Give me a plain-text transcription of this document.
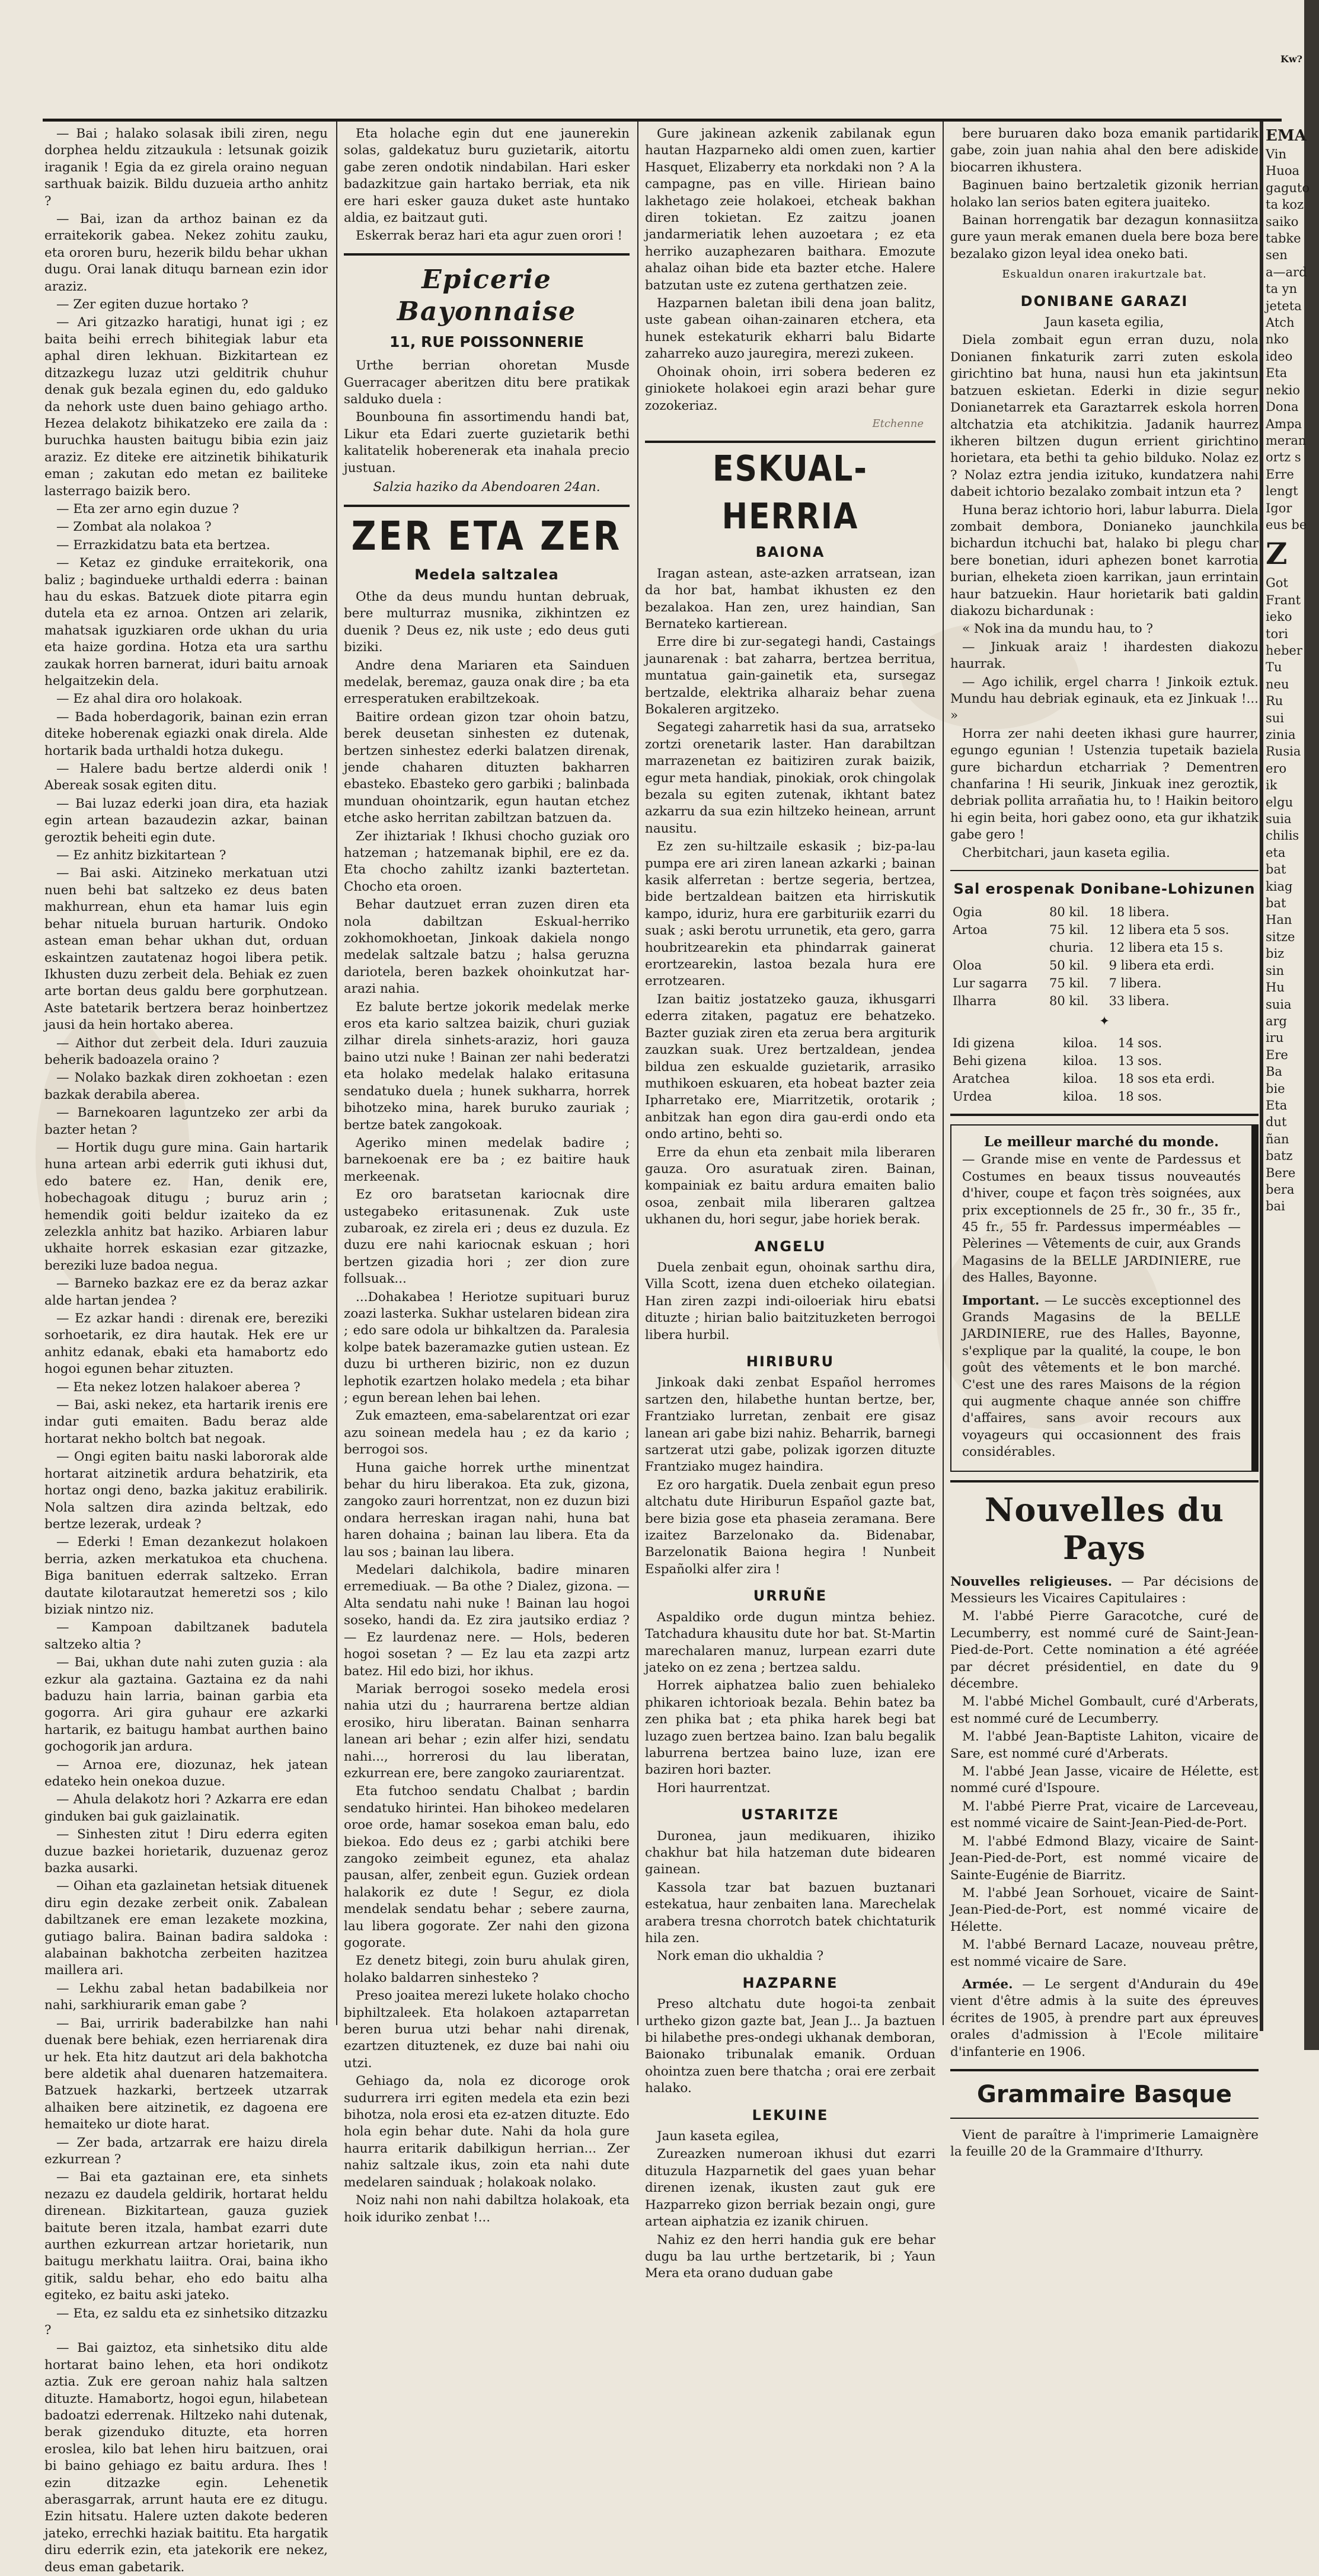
Kw?

— Bai ; halako solasak ibili ziren, negu dorphea heldu zitzaukula : letsunak goizik iraganik ! Egia da ez girela oraino neguan sarthuak baizik. Bildu duzueia artho anhitz ?

— Bai, izan da arthoz bainan ez da erraitekorik gabea. Nekez zohitu zauku, eta ororen buru, hezerik bildu behar ukhan dugu. Orai lanak dituqu barnean ezin idor araziz.

— Zer egiten duzue hortako ?

— Ari gitzazko haratigi, hunat igi ; ez baita beihi errech bihitegiak labur eta aphal diren lekhuan. Bizkitartean ez ditzazkegu luzaz utzi gelditrik chuhur denak guk bezala eginen du, edo galduko da nehork uste duen baino gehiago artho. Hezea delakotz bihikatzeko ere zaila da : buruchka hausten baitugu bibia ezin jaiz araziz. Ez diteke ere aitzinetik bihikaturik eman ; zakutan edo metan ez bailiteke lasterrago baizik bero.

— Eta zer arno egin duzue ?

— Zombat ala nolakoa ?

— Errazkidatzu bata eta bertzea.

— Ketaz ez ginduke erraitekorik, ona baliz ; bagindueke urthaldi ederra : bainan hau du eskas. Batzuek diote pitarra egin dutela eta ez arnoa. Ontzen ari zelarik, mahatsak iguzkiaren orde ukhan du uria eta haize gordina. Hotza eta ura sarthu zaukak horren barnerat, iduri baitu arnoak helgaitzekin dela.

— Ez ahal dira oro holakoak.

— Bada hoberdagorik, bainan ezin erran diteke hoberenak egiazki onak direla. Alde hortarik bada urthaldi hotza dukegu.

— Halere badu bertze alderdi onik ! Abereak sosak egiten ditu.

— Bai luzaz ederki joan dira, eta haziak egin artean bazaudezin azkar, bainan geroztik beheiti egin dute.

— Ez anhitz bizkitartean ?

— Bai aski. Aitzineko merkatuan utzi nuen behi bat saltzeko ez deus baten makhurrean, ehun eta hamar luis egin behar nituela buruan harturik. Ondoko astean eman behar ukhan dut, orduan eskaintzen zautatenaz hogoi libera petik. Ikhusten duzu zerbeit dela. Behiak ez zuen arte bortan deus galdu bere gorphutzean. Aste batetarik bertzera beraz hoinbertzez jausi da hein hortako aberea.

— Aithor dut zerbeit dela. Iduri zauzuia beherik badoazela oraino ?

— Nolako bazkak diren zokhoetan : ezen bazkak derabila aberea.

— Barnekoaren laguntzeko zer arbi da bazter hetan ?

— Hortik dugu gure mina. Gain hartarik huna artean arbi ederrik guti ikhusi dut, edo batere ez. Han, denik ere, hobechagoak ditugu ; buruz arin ; hemendik goiti beldur izaiteko da ez zelezkla anhitz bat haziko. Arbiaren labur ukhaite horrek eskasian ezar gitzazke, bereziki luze badoa negua.

— Barneko bazkaz ere ez da beraz azkar alde hartan jendea ?

— Ez azkar handi : direnak ere, bereziki sorhoetarik, ez dira hautak. Hek ere ur anhitz edanak, ebaki eta hamabortz edo hogoi egunen behar zituzten.

— Eta nekez lotzen halakoer aberea ?

— Bai, aski nekez, eta hartarik irenis ere indar guti emaiten. Badu beraz alde hortarat nekho boltch bat negoak.

— Ongi egiten baitu naski labororak alde hortarat aitzinetik ardura behatzirik, eta hortaz ongi deno, bazka jakituz erabilirik. Nola saltzen dira azinda beltzak, edo bertze lezerak, urdeak ?

— Ederki ! Eman dezankezut holakoen berria, azken merkatukoa eta chuchena. Biga banituen ederrak saltzeko. Erran dautate kilotarautzat hemeretzi sos ; kilo biziak nintzo niz.

— Kampoan dabiltzanek badutela saltzeko altia ?

— Bai, ukhan dute nahi zuten guzia : ala ezkur ala gaztaina. Gaztaina ez da nahi baduzu hain larria, bainan garbia eta gogorra. Ari gira guhaur ere azkarki hartarik, ez baitugu hambat aurthen baino gochogorik jan ardura.

— Arnoa ere, diozunaz, hek jatean edateko hein onekoa duzue.

— Ahula delakotz hori ? Azkarra ere edan ginduken bai guk gaizlainatik.

— Sinhesten zitut ! Diru ederra egiten duzue bazkei horietarik, duzuenaz geroz bazka ausarki.

— Oihan eta gazlainetan hetsiak dituenek diru egin dezake zerbeit onik. Zabalean dabiltzanek ere eman lezakete mozkina, gutiago balira. Bainan badira saldoka : alabainan bakhotcha zerbeiten hazitzea maillera ari.

— Lekhu zabal hetan badabilkeia nor nahi, sarkhiurarik eman gabe ?

— Bai, urririk baderabilzke han nahi duenak bere behiak, ezen herriarenak dira ur hek. Eta hitz dautzut ari dela bakhotcha bere aldetik ahal duenaren hatzemaitera. Batzuek hazkarki, bertzeek utzarrak alhaiken bere aitzinetik, ez dagoena ere hemaiteko ur diote harat.

— Zer bada, artzarrak ere haizu direla ezkurrean ?

— Bai eta gaztainan ere, eta sinhets nezazu ez daudela geldirik, hortarat heldu direnean. Bizkitartean, gauza guziek baitute beren itzala, hambat ezarri dute aurthen ezkurrean artzar horietarik, nun baitugu merkhatu laiitra. Orai, baina ikho gitik, saldu behar, eho edo baitu alha egiteko, ez baitu aski jateko.

— Eta, ez saldu eta ez sinhetsiko ditzazku ?

— Bai gaiztoz, eta sinhetsiko ditu alde hortarat baino lehen, eta hori ondikotz aztia. Zuk ere geroan nahiz hala saltzen dituzte. Hamabortz, hogoi egun, hilabetean badoatzi ederrenak. Hiltzeko nahi dutenak, berak gizenduko dituzte, eta horren eroslea, kilo bat lehen hiru baitzuen, orai bi baino gehiago ez baitu ardura. Ihes ! ezin ditzazke egin. Lehenetik aberasgarrak, arrunt hauta ere ez ditugu. Ezin hitsatu. Halere uzten dakote bederen jateko, errechki haziak baititu. Eta hargatik diru ederrik ezin, eta jatekorik ere nekez, deus eman gabetarik.

Eta holache egin dut ene jaunerekin solas, galdekatuz buru guzietarik, aitortu gabe zeren ondotik nindabilan. Hari esker badazkitzue gain hartako berriak, eta nik ere hari esker gauza duket aste huntako aldia, ez baitzaut guti.

Eskerrak beraz hari eta agur zuen orori !

Epicerie Bayonnaise
11, RUE POISSONNERIE

Urthe berrian ohoretan Musde Guerracager aberitzen ditu bere pratikak salduko duela :

Bounbouna fin assortimendu handi bat, Likur eta Edari zuerte guzietarik bethi kalitatelik hoberenerak eta inahala precio justuan.

Salzia haziko da Abendoaren 24an.

ZER ETA ZER
Medela saltzalea

Othe da deus mundu huntan debruak, bere multurraz musnika, zikhintzen ez duenik ? Deus ez, nik uste ; edo deus guti biziki.

Andre dena Mariaren eta Sainduen medelak, beremaz, gauza onak dire ; ba eta erresperatuken erabiltzekoak.

Baitire ordean gizon tzar ohoin batzu, berek deusetan sinhesten ez dutenak, bertzen sinhestez ederki balatzen direnak, jende chaharen dituzten bakharren ebasteko. Ebasteko gero garbiki ; balinbada munduan ohointzarik, egun hautan etchez etche asko herritan zabiltzan batzuen da.

Zer ihiztariak ! Ikhusi chocho guziak oro hatzeman ; hatzemanak biphil, ere ez da. Eta chocho zahiltz izanki baztertetan. Chocho eta oroen.

Behar dautzuet erran zuzen diren eta nola dabiltzan Eskual-herriko zokhomokhoetan, Jinkoak dakiela nongo medelak saltzale batzu ; halsa geruzna dariotela, beren bazkek ohoinkutzat har-arazi nahia.

Ez balute bertze jokorik medelak merke eros eta kario saltzea baizik, churi guziak zilhar direla sinhets-araziz, hori gauza baino utzi nuke ! Bainan zer nahi bederatzi eta holako medelak halako eritasuna sendatuko duela ; hunek sukharra, horrek bihotzeko mina, harek buruko zauriak ; bertze batek zangokoak.

Ageriko minen medelak badire ; barnekoenak ere ba ; ez baitire hauk merkeenak.

Ez oro baratsetan kariocnak dire ustegabeko eritasunenak. Zuk uste zubaroak, ez zirela eri ; deus ez duzula. Ez duzu ere nahi kariocnak eskuan ; hori bertzen gizadia hori ; zer dion zure follsuak...

...Dohakabea ! Heriotze supituari buruz zoazi lasterka. Sukhar ustelaren bidean zira ; edo sare odola ur bihkaltzen da. Paralesia kolpe batek bazeramazke gutien ustean. Ez duzu bi urtheren biziric, non ez duzun lephotik ezartzen holako medela ; eta bihar ; egun berean lehen bai lehen.

Zuk emazteen, ema-sabelarentzat ori ezar azu soinean medela hau ; ez da kario ; berrogoi sos.

Huna gaiche horrek urthe minentzat behar du hiru liberakoa. Eta zuk, gizona, zangoko zauri horrentzat, non ez duzun bizi ondara herreskan iragan nahi, huna bat haren dohaina ; bainan lau libera. Eta da lau sos ; bainan lau libera.

Medelari dalchikola, badire minaren erremediuak. — Ba othe ? Dialez, gizona. — Alta sendatu nahi nuke ! Bainan lau hogoi soseko, handi da. Ez zira jautsiko erdiaz ? — Ez laurdenaz nere. — Hols, bederen hogoi sosetan ? — Ez lau eta zazpi artz batez. Hil edo bizi, hor ikhus.

Mariak berrogoi soseko medela erosi nahia utzi du ; haurrarena bertze aldian erosiko, hiru liberatan. Bainan senharra lanean ari behar ; ezin alfer hizi, sendatu nahi..., horrerosi du lau liberatan, ezkurrean ere, bere zangoko zauriarentzat.

Eta futchoo sendatu Chalbat ; bardin sendatuko hirintei. Han bihokeo medelaren oroe orde, hamar sosekoa eman balu, edo biekoa. Edo deus ez ; garbi atchiki bere zangoko zeimbeit egunez, eta ahalaz pausan, alfer, zenbeit egun. Guziek ordean halakorik ez dute ! Segur, ez diola mendelak sendatu behar ; sebere zaurna, lau libera gogorate. Zer nahi den gizona gogorate.

Ez denetz bitegi, zoin buru ahulak giren, holako baldarren sinhesteko ?

Preso joaitea merezi lukete holako chocho biphiltzaleek. Eta holakoen aztaparretan beren burua utzi behar nahi direnak, ezartzen dituztenek, ez duze bai nahi oiu utzi.

Gehiago da, nola ez dicoroge orok sudurrera irri egiten medela eta ezin bezi bihotza, nola erosi eta ez-atzen dituzte. Edo hola egin behar dute. Nahi da hola gure haurra eritarik dabilkigun herrian... Zer nahiz saltzale ikus, zoin eta nahi dute medelaren sainduak ; holakoak nolako.

Noiz nahi non nahi dabiltza holakoak, eta hoik iduriko zenbat !...

Gure jakinean azkenik zabilanak egun hautan Hazparneko aldi omen zuen, kartier Hasquet, Elizaberry eta norkdaki non ? A la campagne, pas en ville. Hiriean baino lakhetago zeie holakoei, etcheak bakhan diren tokietan. Ez zaitzu joanen jandarmeriatik lehen auzoetara ; ez eta herriko auzaphezaren baithara. Emozute ahalaz oihan bide eta bazter etche. Halere batzutan uste ez zutena gerthatzen zeie.

Hazparnen baletan ibili dena joan balitz, uste gabean oihan-zainaren etchera, eta hunek estekaturik ekharri balu Bidarte zaharreko auzo jauregira, merezi zukeen.

Ohoinak ohoin, irri sobera bederen ez giniokete holakoei egin arazi behar gure zozokeriaz.

Etchenne
ESKUAL-HERRIA
BAIONA

Iragan astean, aste-azken arratsean, izan da hor bat, hambat ikhusten ez den bezalakoa. Han zen, urez haindian, San Bernateko kartierean.

Erre dire bi zur-segategi handi, Castaings jaunarenak : bat zaharra, bertzea berritua, muntatua gain-gainetik eta, sursegaz bertzalde, elektrika alharaiz behar zuena Bokaleren argitzeko.

Segategi zaharretik hasi da sua, arratseko zortzi orenetarik laster. Han darabiltzan marrazenetan ez baitiziren zurak baizik, egur meta handiak, pinokiak, orok chingolak bezala su egiten zutenak, ikhtant batez azkarru da sua ezin hiltzeko heinean, arrunt nausitu.

Ez zen su-hiltzaile eskasik ; biz-pa-lau pumpa ere ari ziren lanean azkarki ; bainan kasik alferretan : bertze segeria, bertzea, bide bertzaldean baitzen eta hirriskutik kampo, iduriz, hura ere garbituriik ezarri du suak ; aski berotu urrunetik, eta gero, garra houbritzearekin eta phindarrak gainerat erortzearekin, lastoa bezala hura ere errotzearen.

Izan baitiz jostatzeko gauza, ikhusgarri ederra zitaken, pagatuz ere behatzeko. Bazter guziak ziren eta zerua bera argiturik zauzkan suak. Urez bertzaldean, jendea bildua zen eskualde guzietarik, arrasiko muthikoen eskuaren, eta hobeat bazter zeia Ipharretako ere, Miarritzetik, orotarik ; anbitzak han egon dira gau-erdi ondo eta ondo artino, behti so.

Erre da ehun eta zenbait mila liberaren gauza. Oro asuratuak ziren. Bainan, kompainiak ez baitu ardura emaiten balio osoa, zenbait mila liberaren galtzea ukhanen du, hori segur, jabe horiek berak.

ANGELU

Duela zenbait egun, ohoinak sarthu dira, Villa Scott, izena duen etcheko oilategian. Han ziren zazpi indi-oiloeriak hiru ebatsi dituzte ; hirian balio baitzituzketen berrogoi libera hurbil.

HIRIBURU

Jinkoak daki zenbat Español herromes sartzen den, hilabethe huntan bertze, ber, Frantziako lurretan, zenbait ere gisaz lanean ari gabe bizi nahiz. Beharrik, barnegi sartzerat utzi gabe, polizak igorzen dituzte Frantziako mugez haindira.

Ez oro hargatik. Duela zenbait egun preso altchatu dute Hiriburun Español gazte bat, bere bizia gose eta phaseia zeramana. Bere izaitez Barzelonako da. Bidenabar, Barzelonatik Baiona hegira ! Nunbeit Españolki alfer zira !

URRUÑE

Aspaldiko orde dugun mintza behiez. Tatchadura khausitu dute hor bat. St-Martin marechalaren manuz, lurpean ezarri dute jateko on ez zena ; bertzea saldu.

Horrek aiphatzea balio zuen behialeko phikaren ichtorioak bezala. Behin batez ba zen phika bat ; eta phika harek begi bat luzago zuen bertzea baino. Izan balu begalik laburrena bertzea baino luze, izan ere baziren hori bazter.

Hori haurrentzat.

USTARITZE

Duronea, jaun medikuaren, ihiziko chakhur bat hila hatzeman dute bidearen gainean.

Kassola tzar bat bazuen buztanari estekatua, haur zenbaiten lana. Marechelak arabera tresna chorrotch batek chichtaturik hila zen.

Nork eman dio ukhaldia ?

HAZPARNE

Preso altchatu dute hogoi-ta zenbait urtheko gizon gazte bat, Jean J... Ja baztuen bi hilabethe pres-ondegi ukhanak demboran, Baionako tribunalak emanik. Orduan ohointza zuen bere thatcha ; orai ere zerbait halako.

LEKUINE

Jaun kaseta egilea,

Zureazken numeroan ikhusi dut ezarri dituzula Hazparnetik del gaes yuan behar direnen izenak, ikusten zaut guk ere Hazparreko gizon berriak bezain ongi, gure artean aiphatzia ez izanik chiruen.

Nahiz ez den herri handia guk ere behar dugu ba lau urthe bertzetarik, bi ; Yaun Mera eta orano duduan gabe

bere buruaren dako boza emanik partidarik gabe, zoin juan nahia ahal den bere adiskide biocarren ikhustera.

Baginuen baino bertzaletik gizonik herrian holako lan serios baten egitera juaiteko.

Bainan horrengatik bar dezagun konnasiitza gure yaun merak emanen duela bere boza bere bezalako gizon leyal idea oneko bati.

Eskualdun onaren irakurtzale bat.

DONIBANE GARAZI

Jaun kaseta egilia,

Diela zombait egun erran duzu, nola Donianen finkaturik zarri zuten eskola girichtino bat huna, nausi hun eta jakintsun batzuen eskietan. Ederki in dizie segur Donianetarrek eta Garaztarrek eskola horren altchatzia eta atchikitzia. Jadanik haurrez ikheren biltzen dugun errient girichtino horietara, eta bethi ta gehio bilduko. Nolaz ez ? Nolaz eztra jendia izituko, kundatzera nahi dabeit ichtorio bezalako zombait intzun eta ?

Huna beraz ichtorio hori, labur laburra. Diela zombait dembora, Donianeko jaunchkila bichardun itchuchi bat, halako bi plegu char bere bonetian, iduri aphezen bonet karrotia burian, elheketa zioen karrikan, jaun errintain haur batzuekin. Haur horietarik bati galdin diakozu bichardunak :

« Nok ina da mundu hau, to ?

— Jinkuak araiz ! ihardesten diakozu haurrak.

— Ago ichilik, ergel charra ! Jinkoik eztuk. Mundu hau debriak eginauk, eta ez Jinkuak !... »

Horra zer nahi deeten ikhasi gure haurrer, egungo egunian ! Ustenzia tupetaik baziela gure bichardun etcharriak ? Dementren chanfarina ! Hi seurik, Jinkuak inez geroztik, debriak pollita arrañatia hu, to ! Haikin beitoro hi egin beita, hori gabez oono, eta gur ikhatzik gabe gero !

Cherbitchari, jaun kaseta egilia.

Sal erospenak Donibane-Lohizunen
Ogia	80 kil.	18 libera.
Artoa	75 kil.	12 libera eta 5 sos.
	churia.	12 libera eta 15 s.
Oloa	50 kil.	9 libera eta erdi.
Lur sagarra	75 kil.	7 libera.
Ilharra	80 kil.	33 libera.
✦
Idi gizena	kiloa.	14 sos.
Behi gizena	kiloa.	13 sos.
Aratchea	kiloa.	18 sos eta erdi.
Urdea	kiloa.	18 sos.

Le meilleur marché du monde.

— Grande mise en vente de Pardessus et Costumes en beaux tissus nouveautés d'hiver, coupe et façon très soignées, aux prix exceptionnels de 25 fr., 30 fr., 35 fr., 45 fr., 55 fr. Pardessus imperméables — Pèlerines — Vêtements de cuir, aux Grands Magasins de la BELLE JARDINIERE, rue des Halles, Bayonne.

Important. — Le succès exceptionnel des Grands Magasins de la BELLE JARDINIERE, rue des Halles, Bayonne, s'explique par la qualité, la coupe, le bon goût des vêtements et le bon marché. C'est une des rares Maisons de la région qui augmente chaque année son chiffre d'affaires, sans avoir recours aux voyageurs qui occasionnent des frais considérables.

Nouvelles du Pays

Nouvelles religieuses. — Par décisions de Messieurs les Vicaires Capitulaires :

M. l'abbé Pierre Garacotche, curé de Lecumberry, est nommé curé de Saint-Jean-Pied-de-Port. Cette nomination a été agréée par décret présidentiel, en date du 9 décembre.

M. l'abbé Michel Gombault, curé d'Arberats, est nommé curé de Lecumberry.

M. l'abbé Jean-Baptiste Lahiton, vicaire de Sare, est nommé curé d'Arberats.

M. l'abbé Jean Jasse, vicaire de Hélette, est nommé curé d'Ispoure.

M. l'abbé Pierre Prat, vicaire de Larceveau, est nommé vicaire de Saint-Jean-Pied-de-Port.

M. l'abbé Edmond Blazy, vicaire de Saint-Jean-Pied-de-Port, est nommé vicaire de Sainte-Eugénie de Biarritz.

M. l'abbé Jean Sorhouet, vicaire de Saint-Jean-Pied-de-Port, est nommé vicaire de Hélette.

M. l'abbé Bernard Lacaze, nouveau prêtre, est nommé vicaire de Sare.

Armée. — Le sergent d'Andurain du 49e vient d'être admis à la suite des épreuves écrites de 1905, à prendre part aux épreuves orales d'admission à l'Ecole militaire d'infanterie en 1906.

Grammaire Basque

Vient de paraître à l'imprimerie Lamaignère la feuille 20 de la Grammaire d'Ithurry.

EMA
Vin
Huoa
gaguto
ta koz
saiko
tabke
sen
a—ard
ta yn
jeteta
Atch
nko
ideo
Eta
nekio
Dona
Ampa
meran
ortz s
Erre
lengt
Igor
eus be
Z
Got
Frant
ieko
tori
heber
Tu
neu
Ru
sui
zinia
Rusia
ero
ik
elgu
suia
chilis
eta
bat
kiag
bat
Han
sitze
biz
sin
Hu
suia
arg
iru
Ere
Ba
bie
Eta
dut
ñan
batz
Bere
bera
bai
